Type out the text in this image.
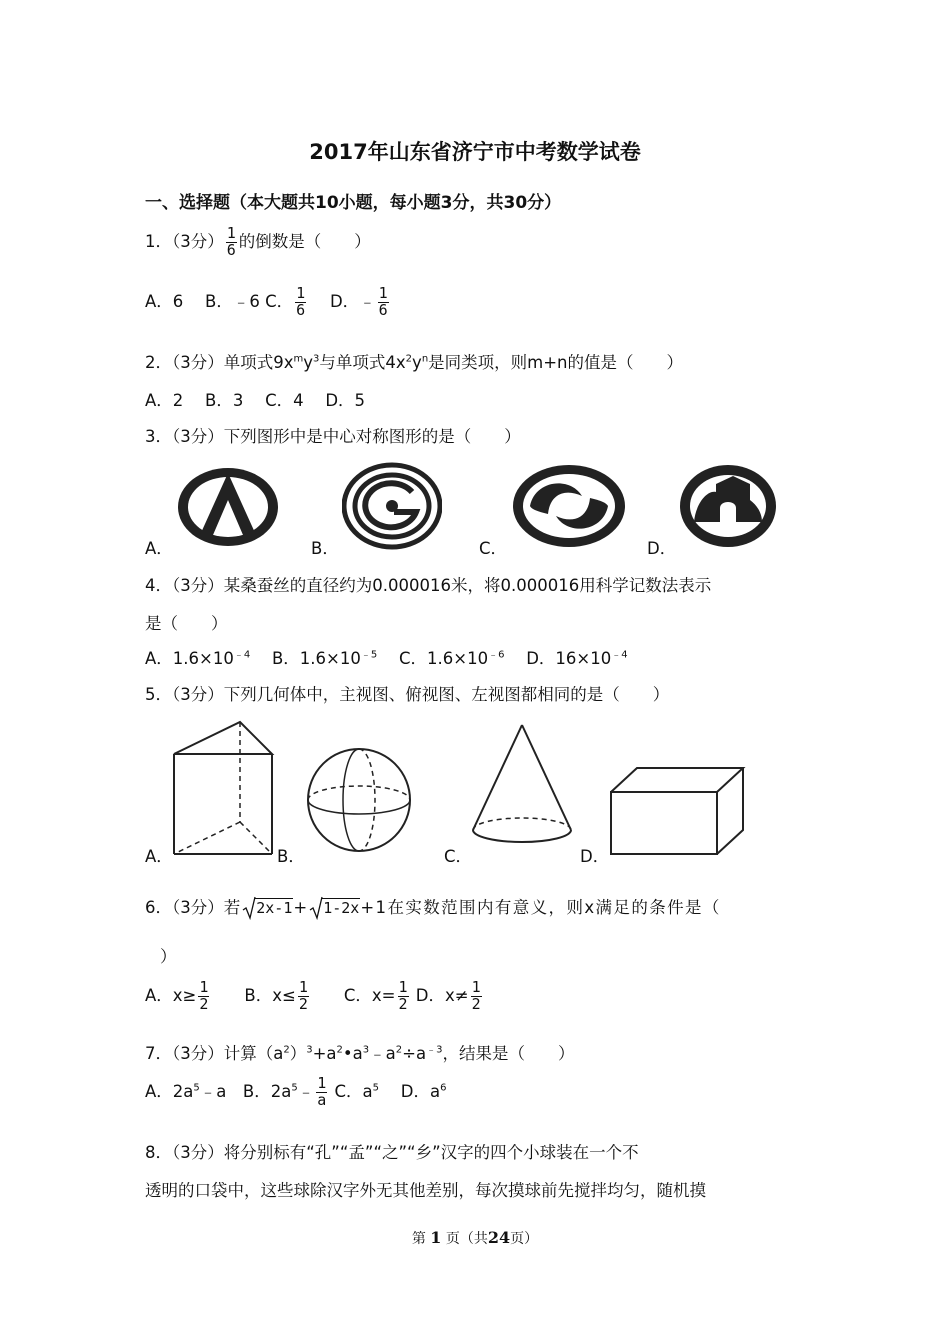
2017年山东省济宁市中考数学试卷
一、选择题（本大题共10小题，每小题3分，共30分）
1．（3分） $\frac{1}{6}$ 的倒数是（　　）
A．6　 B．﹣6 C． $\frac{1}{6}$
　 D．﹣ $\frac{1}{6}$
2．（3分）单项式$9x^my^3$与单项式$4x^2y^n$是同类项，则m+n的值是（　　）
A．2　 B．3　 C．4　 D．5
3．（3分）下列图形中是中心对称图形的是（　　）
A．	B．	C．	D．
4．（3分）某桑蚕丝的直径约为0.000016米，将0.000016用科学记数法表示
是（　　）
A．$1.6\times 10^{﹣4}$　 B．$1.6\times 10^{﹣5}$　 C．$1.6\times 10^{﹣6}$　 D．$16\times 10^{﹣4}$
5．（3分）下列几何体中，主视图、俯视图、左视图都相同的是（　　）
A．	B．	C．	D．
6．（3分）若 2x-1+ 1-2x+1在实数范围内有意义，则x满足的条件是（
）
A．$x\ge \frac{1}{2}$
　　 B．$x\le \frac{1}{2}$
　　 C．$x= \frac{1}{2}$ D．$x\ne \frac{1}{2}$
7．（3分）计算$(a^2)^3+a^2•a^3﹣a^2\div a^{﹣3}$，结果是（　　）
A．$2a^5﹣a$　 B．$2a^5﹣ \frac{1}{a}$ C．$a^5$　 D．$a^6$
8．（3分）将分别标有“孔”“孟”“之”“乡”汉字的四个小球装在一个不
透明的口袋中，这些球除汉字外无其他差别，每次摸球前先搅拌均匀，随机摸
第 1 页（共24页）
